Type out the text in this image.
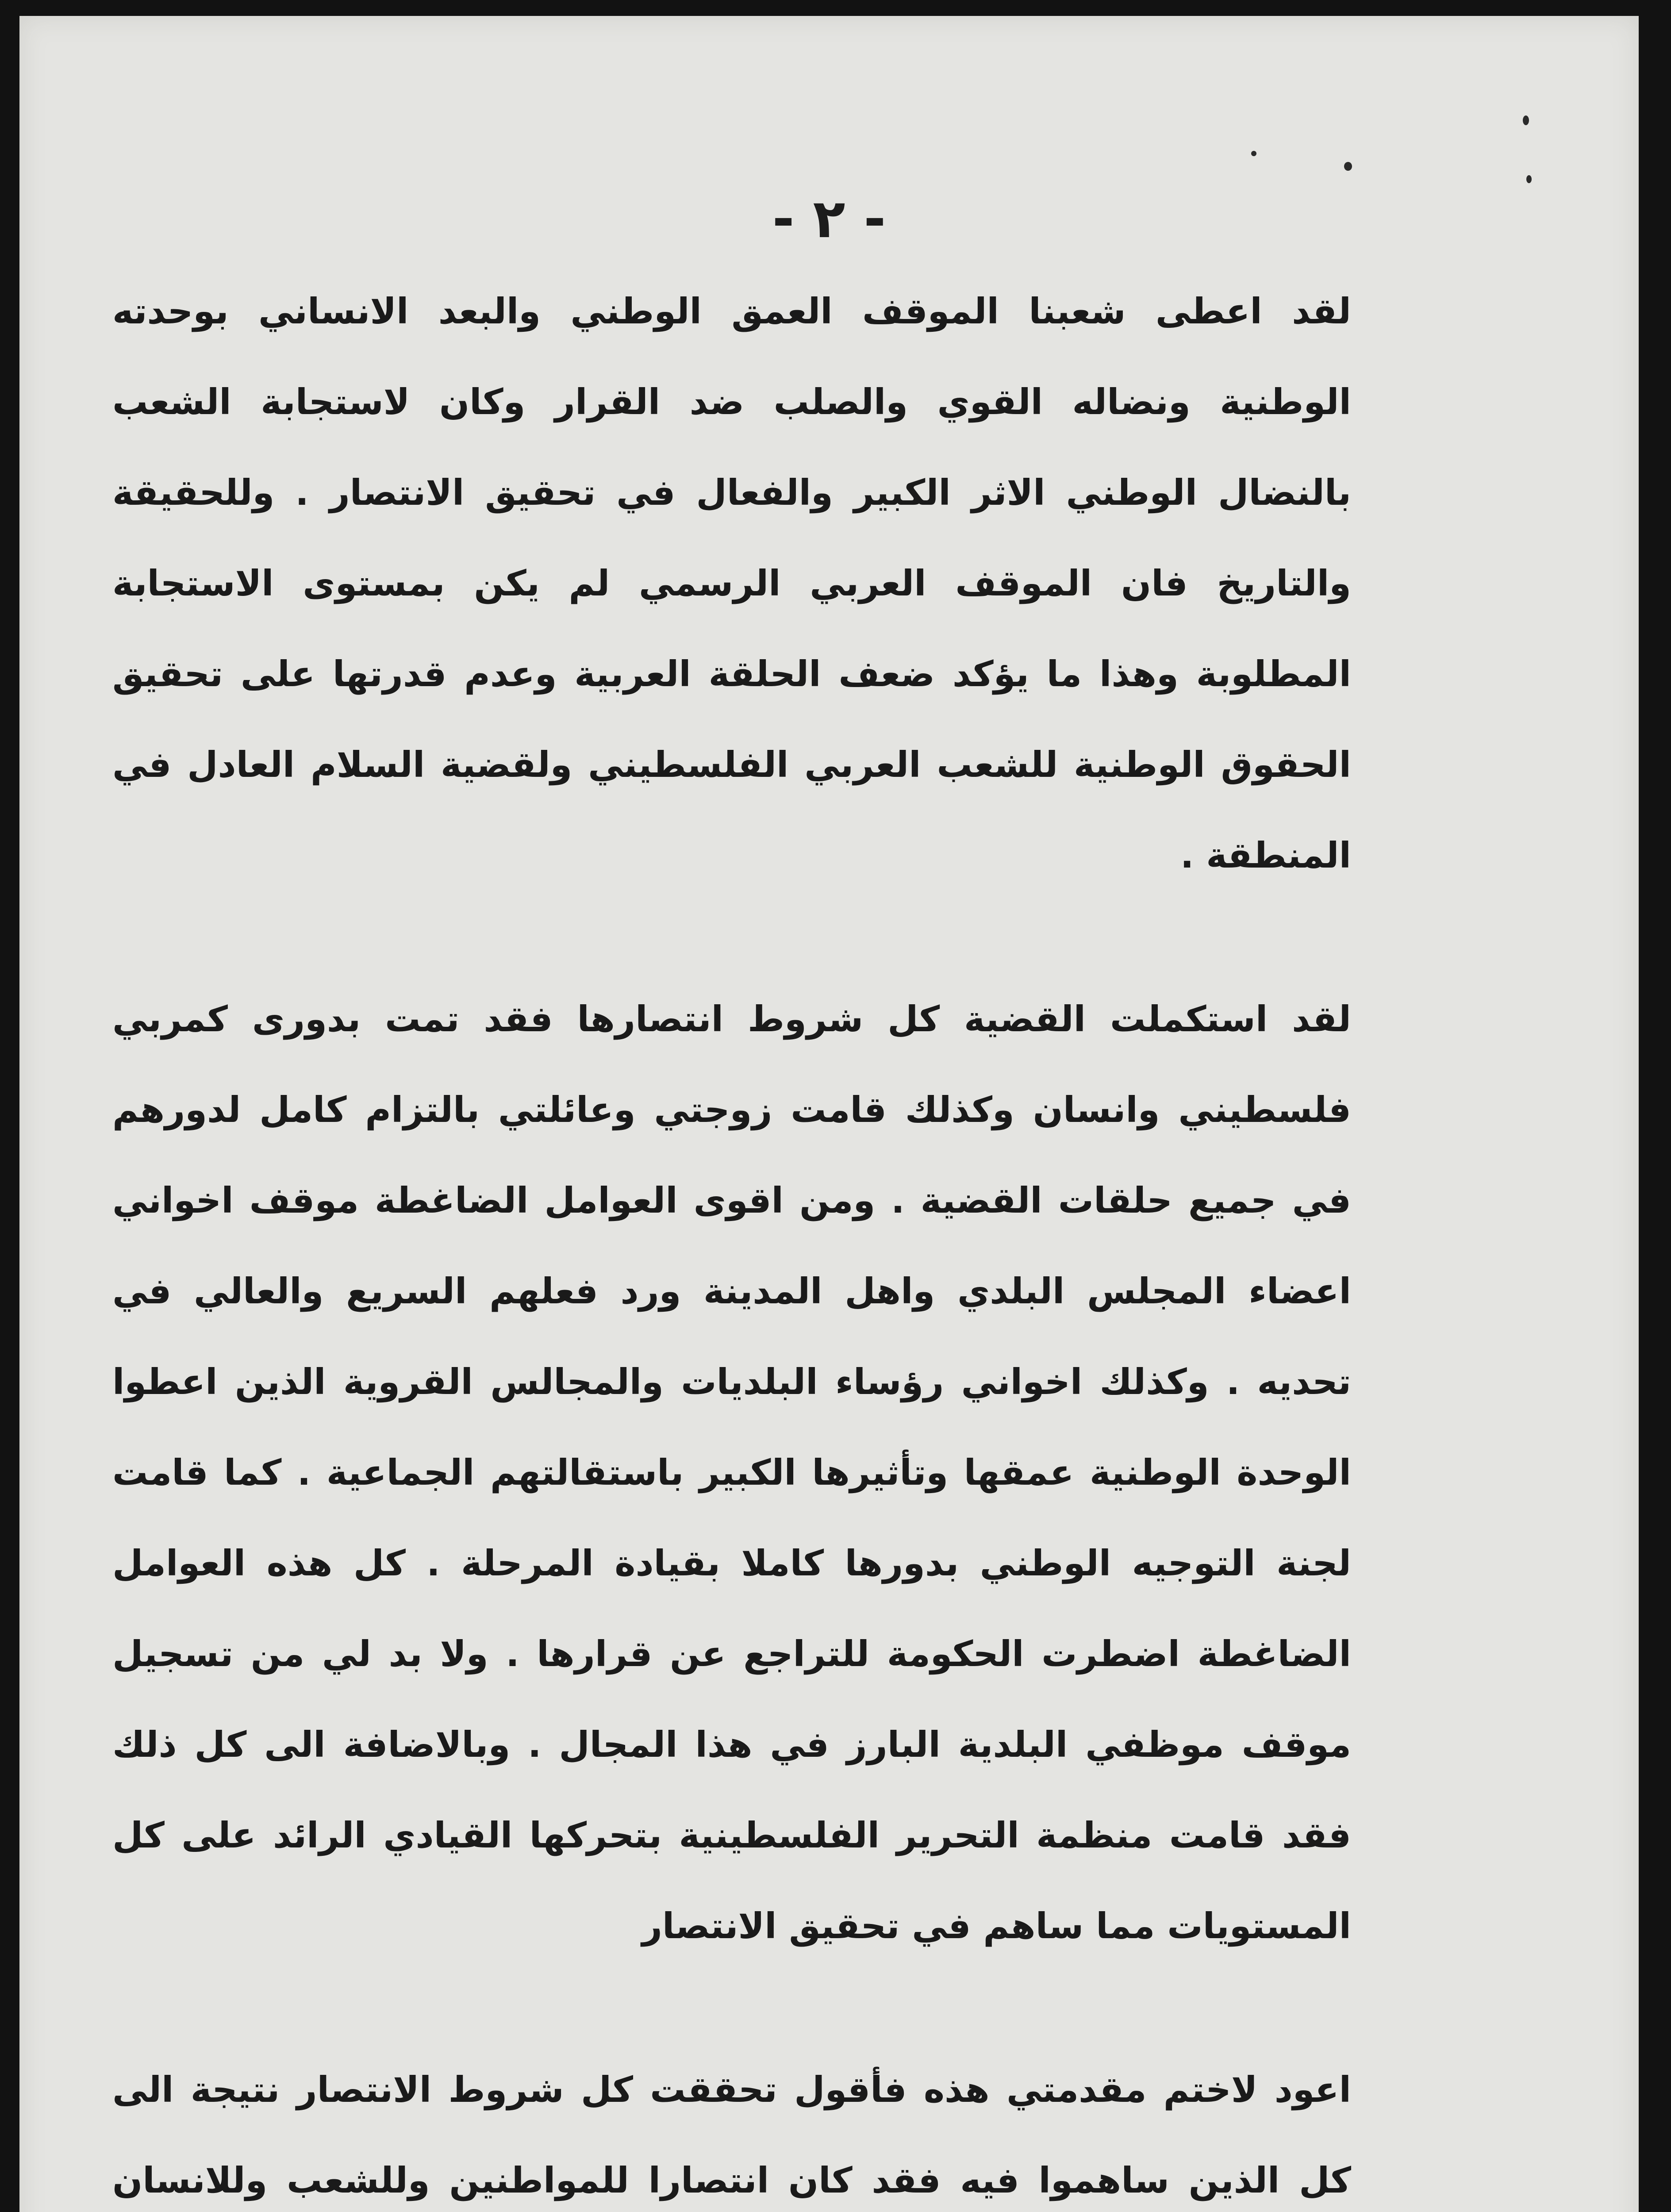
- ٢ -

لقد اعطى شعبنا الموقف العمق الوطني والبعد الانساني بوحدته الوطنية ونضاله القوي والصلب ضد القرار وكان لاستجابة الشعب بالنضال الوطني الاثر الكبير والفعال في تحقيق الانتصار . وللحقيقة والتاريخ فان الموقف العربي الرسمي لم يكن بمستوى الاستجابة المطلوبة وهذا ما يؤكد ضعف الحلقة العربية وعدم قدرتها على تحقيق الحقوق الوطنية للشعب العربي الفلسطيني ولقضية السلام العادل في المنطقة .

لقد استكملت القضية كل شروط انتصارها فقد تمت بدورى كمربي فلسطيني وانسان وكذلك قامت زوجتي وعائلتي بالتزام كامل لدورهم في جميع حلقات القضية . ومن اقوى العوامل الضاغطة موقف اخواني اعضاء المجلس البلدي واهل المدينة ورد فعلهم السريع والعالي في تحديه . وكذلك اخواني رؤساء البلديات والمجالس القروية الذين اعطوا الوحدة الوطنية عمقها وتأثيرها الكبير باستقالتهم الجماعية . كما قامت لجنة التوجيه الوطني بدورها كاملا بقيادة المرحلة . كل هذه العوامل الضاغطة اضطرت الحكومة للتراجع عن قرارها . ولا بد لي من تسجيل موقف موظفي البلدية البارز في هذا المجال . وبالاضافة الى كل ذلك فقد قامت منظمة التحرير الفلسطينية بتحركها القيادي الرائد على كل المستويات مما ساهم في تحقيق الانتصار

اعود لاختم مقدمتي هذه فأقول تحققت كل شروط الانتصار نتيجة الى كل الذين ساهموا فيه فقد كان انتصارا للمواطنين وللشعب وللانسان
